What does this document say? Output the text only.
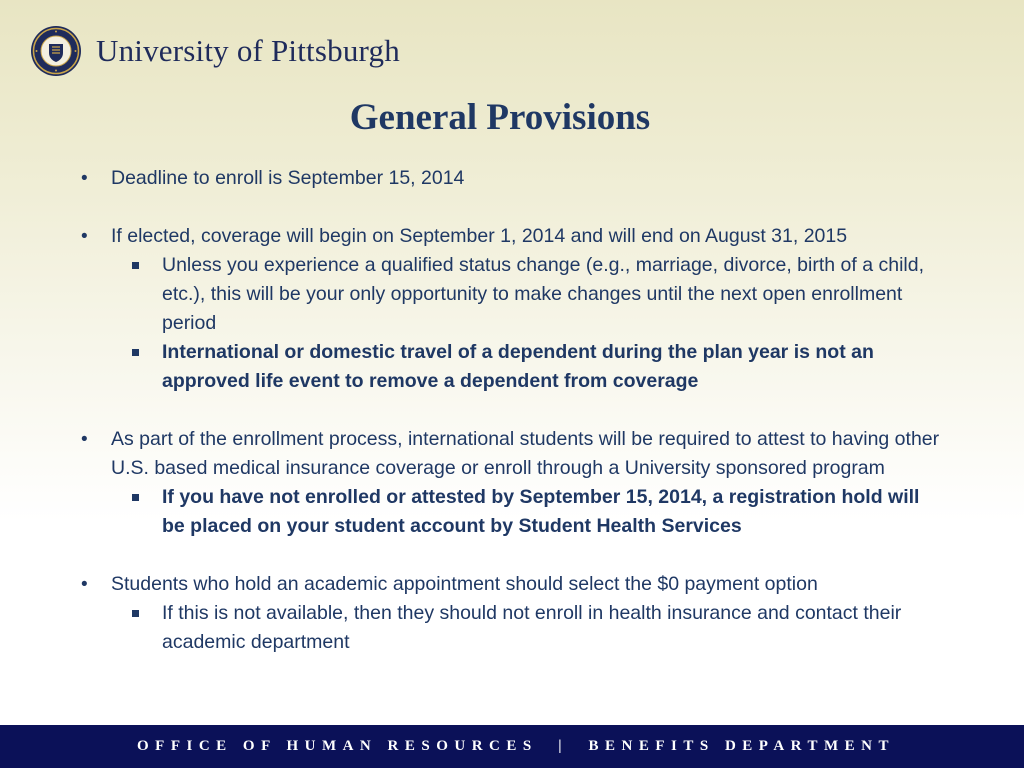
University of Pittsburgh
General Provisions
• Deadline to enroll is September 15, 2014
• If elected, coverage will begin on September 1, 2014 and will end on August 31, 2015
Unless you experience a qualified status change (e.g., marriage, divorce, birth of a child, etc.), this will be your only opportunity to make changes until the next open enrollment period
International or domestic travel of a dependent during the plan year is not an approved life event to remove a dependent from coverage
• As part of the enrollment process, international students will be required to attest to having other U.S. based medical insurance coverage or enroll through a University sponsored program
If you have not enrolled or attested by September 15, 2014, a registration hold will be placed on your student account by Student Health Services
• Students who hold an academic appointment should select the $0 payment option
If this is not available, then they should not enroll in health insurance and contact their academic department
OFFICE OF HUMAN RESOURCES  |  BENEFITS DEPARTMENT
